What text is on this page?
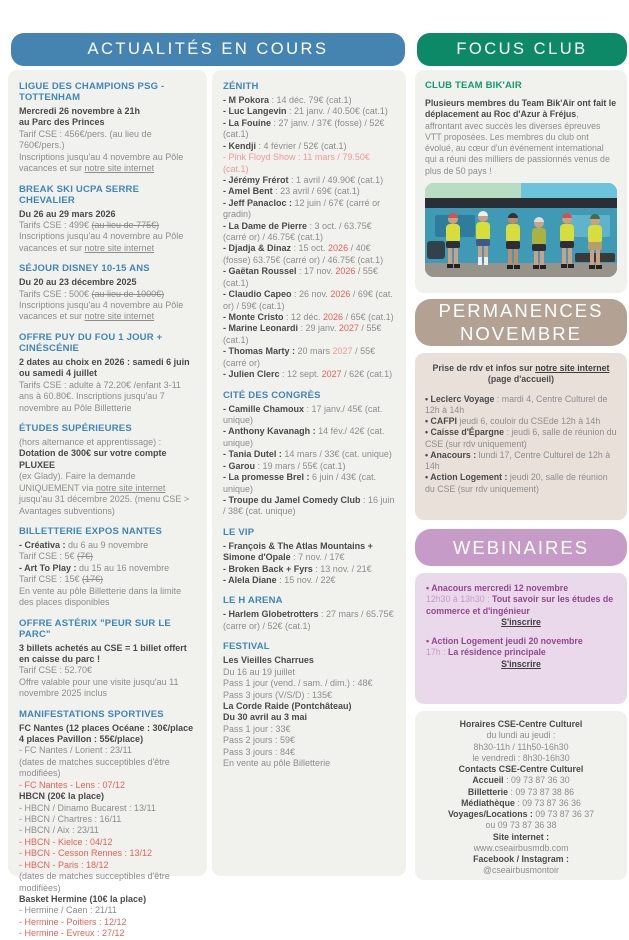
ACTUALITÉS EN COURS	FOCUS CLUB
LIGUE DES CHAMPIONS PSG - TOTTENHAM

Mercredi 26 novembre à 21h

au Parc des Princes

Tarif CSE : 456€/pers. (au lieu de 760€/pers.)

Inscriptions jusqu'au 4 novembre au Pôle vacances et sur notre site internet

BREAK SKI UCPA SERRE CHEVALIER

Du 26 au 29 mars 2026

Tarifs CSE : 499€ (au lieu de 775€)

Inscriptions jusqu'au 4 novembre au Pôle vacances et sur notre site internet

SÉJOUR DISNEY 10-15 ANS

Du 20 au 23 décembre 2025

Tarifs CSE : 500€ (au lieu de 1000€)

Inscriptions jusqu'au 4 novembre au Pôle vacances et sur notre site internet

OFFRE PUY DU FOU 1 JOUR + CINÉSCÉNIE

2 dates au choix en 2026 : samedi 6 juin ou samedi 4 juillet

Tarifs CSE : adulte à 72.20€ /enfant 3-11 ans à 60.80€. Inscriptions jusqu'au 7 novembre au Pôle Billetterie

ÉTUDES SUPÉRIEURES

(hors alternance et apprentissage) :

Dotation de 300€ sur votre compte PLUXEE

(ex Glady). Faire la demande UNIQUEMENT via notre site internet jusqu'au 31 décembre 2025. (menu CSE > Avantages subventions)

BILLETTERIE EXPOS NANTES

- Créativa : du 6 au 9 novembre

Tarif CSE : 5€ (7€)

- Art To Play : du 15 au 16 novembre

Tarif CSE : 15€ (17€)

En vente au pôle Billetterie dans la limite des places disponibles

OFFRE ASTÉRIX "PEUR SUR LE PARC"

3 billets achetés au CSE = 1 billet offert en caisse du parc !

Tarif CSE : 52.70€

Offre valable pour une visite jusqu'au 11 novembre 2025 inclus

MANIFESTATIONS SPORTIVES

FC Nantes (12 places Océane : 30€/place 4 places Pavillon : 55€/place)

- FC Nantes / Lorient : 23/11

(dates de matches succeptibles d'être modifiées)

- FC Nantes - Lens : 07/12

HBCN (20€ la place)

- HBCN / Dinamo Bucarest : 13/11

- HBCN / Chartres : 16/11

- HBCN / Aix : 23/11

- HBCN - Kielce : 04/12

- HBCN - Cesson Rennes : 13/12

- HBCN - Paris : 18/12

(dates de matches succeptibles d'être modifiées)

Basket Hermine (10€ la place)

- Hermine / Caen : 21/11

- Hermine - Poitiers : 12/12

- Hermine - Evreux : 27/12

ZÉNITH

- M Pokora : 14 déc. 79€ (cat.1)

- Luc Langevin : 21 janv. / 40.50€ (cat.1)

- La Fouine : 27 janv. / 37€ (fosse) / 52€ (cat.1)

- Kendji : 4 février / 52€ (cat.1)

- Pink Floyd Show : 11 mars / 79.50€ (cat.1)

- Jérémy Frérot : 1 avril / 49.90€ (cat.1)

- Amel Bent : 23 avril / 69€ (cat.1)

- Jeff Panacloc : 12 juin / 67€ (carré or gradin)

- La Dame de Pierre : 3 oct. / 63.75€ (carré or) / 46.75€ (cat.1)

- Djadja & Dinaz : 15 oct. 2026 / 40€ (fosse) 63.75€ (carré or) / 46.75€ (cat.1)

- Gaëtan Roussel : 17 nov. 2026 / 55€ (cat.1)

- Claudio Capeo : 26 nov. 2026 / 69€ (cat. or) / 59€ (cat.1)

- Monte Cristo : 12 déc. 2026 / 65€ (cat.1)

- Marine Leonardi : 29 janv. 2027 / 55€ (cat.1)

- Thomas Marty : 20 mars 2027 / 55€ (carré or)

- Julien Clerc : 12 sept. 2027 / 62€ (cat.1)

CITÉ DES CONGRÈS

- Camille Chamoux : 17 janv./ 45€ (cat. unique)

- Anthony Kavanagh : 14 fév./ 42€ (cat. unique)

- Tania Dutel : 14 mars / 33€ (cat. unique)

- Garou : 19 mars / 55€ (cat.1)

- La promesse Brel : 6 juin / 43€ (cat. unique)

- Troupe du Jamel Comedy Club : 16 juin / 38€ (cat. unique)

LE VIP

- François & The Atlas Mountains + Simone d'Opale : 7 nov. / 17€

- Broken Back + Fyrs : 13 nov. / 21€

- Alela Diane : 15 nov. / 22€

LE H ARENA

- Harlem Globetrotters : 27 mars / 65.75€ (carre or) / 52€ (cat.1)

FESTIVAL

Les Vieilles Charrues

Du 16 au 19 juillet

Pass 1 jour (vend. / sam. / dim.) : 48€

Pass 3 jours (V/S/D) : 135€

La Corde Raide (Pontchâteau)

Du 30 avril au 3 mai

Pass 1 jour : 33€

Pass 2 jours : 59€

Pass 3 jours : 84€

En vente au pôle Billetterie

CLUB TEAM BIK'AIR

Plusieurs membres du Team Bik'Air ont fait le déplacement au Roc d'Azur à Fréjus, affrontant avec succès les diverses épreuves VTT proposées. Les membres du club ont évolué, au cœur d'un événement international qui a réuni des milliers de passionnés venus de plus de 50 pays !

PERMANENCES
NOVEMBRE

Prise de rdv et infos sur notre site internet

(page d'accueil)

• Leclerc Voyage : mardi 4, Centre Culturel de 12h à 14h

• CAFPI jeudi 6, couloir du CSEde 12h à 14h

• Caisse d'Épargne : jeudi 6, salle de réunion du CSE (sur rdv uniquement)

• Anacours : lundi 17, Centre Culturel de 12h à 14h

• Action Logement : jeudi 20, salle de réunion du CSE (sur rdv uniquement)

WEBINAIRES

• Anacours mercredi 12 novembre

12h30 à 13h30 : Tout savoir sur les études de commerce et d'ingénieur

S'inscrire

• Action Logement jeudi 20 novembre

17h : La résidence principale

S'inscrire

Horaires CSE-Centre Culturel

du lundi au jeudi :

8h30-11h / 11h50-16h30

le vendredi : 8h30-16h30

Contacts CSE-Centre Culturel

Accueil : 09 73 87 36 30

Billetterie : 09 73 87 38 86

Médiathèque : 09 73 87 36 36

Voyages/Locations : 09 73 87 36 37

ou 09 73 87 36 38

Site internet :

www.cseairbusmdb.com

Facebook / Instagram :

@cseairbusmontoir
